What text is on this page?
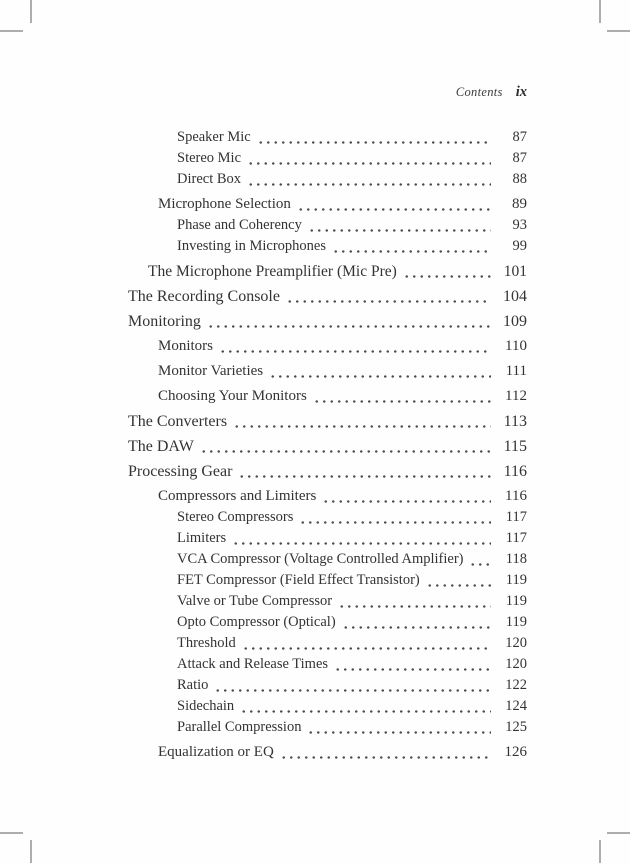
Contents ix
Speaker Mic	87
Stereo Mic	87
Direct Box	88
Microphone Selection	89
Phase and Coherency	93
Investing in Microphones	99
The Microphone Preamplifier (Mic Pre)	101
The Recording Console	104
Monitoring	109
Monitors	110
Monitor Varieties	111
Choosing Your Monitors	112
The Converters	113
The DAW	115
Processing Gear	116
Compressors and Limiters	116
Stereo Compressors	117
Limiters	117
VCA Compressor (Voltage Controlled Amplifier)	118
FET Compressor (Field Effect Transistor)	119
Valve or Tube Compressor	119
Opto Compressor (Optical)	119
Threshold	120
Attack and Release Times	120
Ratio	122
Sidechain	124
Parallel Compression	125
Equalization or EQ	126
